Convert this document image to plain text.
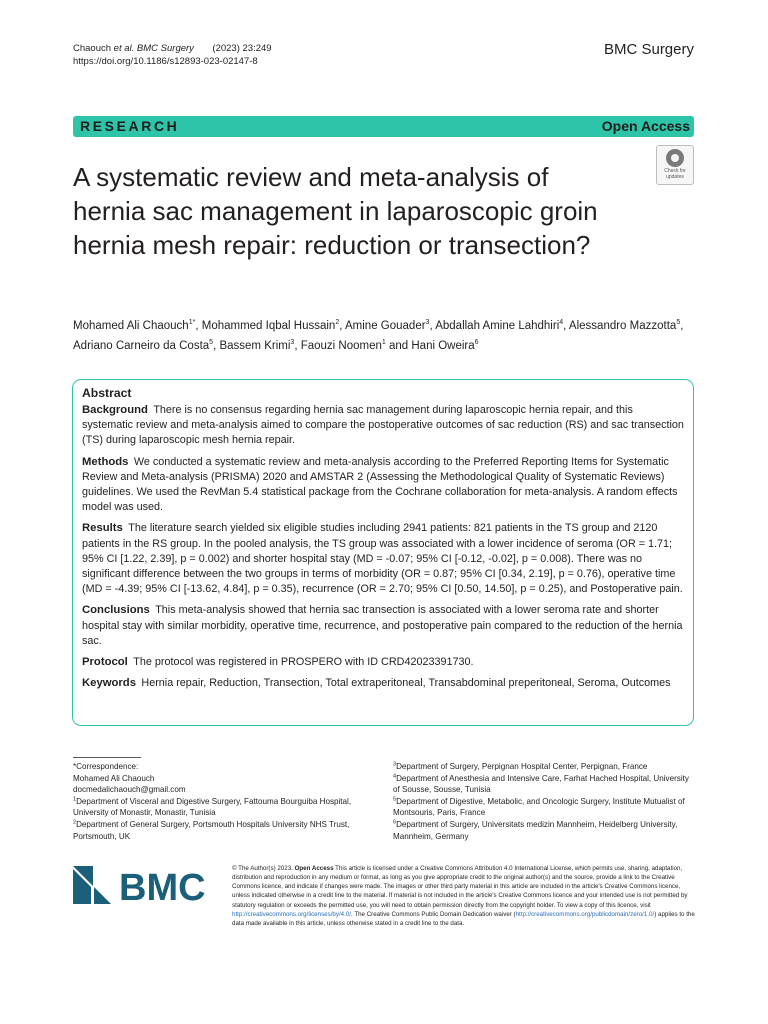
Chaouch et al. BMC Surgery (2023) 23:249
https://doi.org/10.1186/s12893-023-02147-8
BMC Surgery
RESEARCH	Open Access
Check for
updates
A systematic review and meta-analysis of hernia sac management in laparoscopic groin hernia mesh repair: reduction or transection?
Mohamed Ali Chaouch$^{1*}$, Mohammed Iqbal Hussain$^2$, Amine Gouader$^3$, Abdallah Amine Lahdhiri$^4$, Alessandro Mazzotta$^5$, Adriano Carneiro da Costa$^5$, Bassem Krimi$^3$, Faouzi Noomen$^1$ and Hani Oweira$^6$
Abstract

Background  There is no consensus regarding hernia sac management during laparoscopic hernia repair, and this systematic review and meta-analysis aimed to compare the postoperative outcomes of sac reduction (RS) and sac transection (TS) during laparoscopic mesh hernia repair.

Methods  We conducted a systematic review and meta-analysis according to the Preferred Reporting Items for Systematic Review and Meta-analysis (PRISMA) 2020 and AMSTAR 2 (Assessing the Methodological Quality of Systematic Reviews) guidelines. We used the RevMan 5.4 statistical package from the Cochrane collaboration for meta-analysis. A random effects model was used.

Results  The literature search yielded six eligible studies including 2941 patients: 821 patients in the TS group and 2120 patients in the RS group. In the pooled analysis, the TS group was associated with a lower incidence of seroma (OR = 1.71; 95% CI [1.22, 2.39], p = 0.002) and shorter hospital stay (MD = -0.07; 95% CI [-0.12, -0.02], p = 0.008). There was no significant difference between the two groups in terms of morbidity (OR = 0.87; 95% CI [0.34, 2.19], p = 0.76), operative time (MD = -4.39; 95% CI [-13.62, 4.84], p = 0.35), recurrence (OR = 2.70; 95% CI [0.50, 14.50], p = 0.25), and Postoperative pain.

Conclusions  This meta-analysis showed that hernia sac transection is associated with a lower seroma rate and shorter hospital stay with similar morbidity, operative time, recurrence, and postoperative pain compared to the reduction of the hernia sac.

Protocol  The protocol was registered in PROSPERO with ID CRD42023391730.

Keywords  Hernia repair, Reduction, Transection, Total extraperitoneal, Transabdominal preperitoneal, Seroma, Outcomes

*Correspondence:
Mohamed Ali Chaouch
docmedalichaouch@gmail.com
$^1$Department of Visceral and Digestive Surgery, Fattouma Bourguiba Hospital, University of Monastir, Monastir, Tunisia
$^2$Department of General Surgery, Portsmouth Hospitals University NHS Trust, Portsmouth, UK
$^3$Department of Surgery, Perpignan Hospital Center, Perpignan, France
$^4$Department of Anesthesia and Intensive Care, Farhat Hached Hospital, University of Sousse, Sousse, Tunisia
$^5$Department of Digestive, Metabolic, and Oncologic Surgery, Institute Mutualist of Montsouris, Paris, France
$^6$Department of Surgery, Universitats medizin Mannheim, Heidelberg University, Mannheim, Germany
BMC	© The Author(s) 2023. Open Access This article is licensed under a Creative Commons Attribution 4.0 International License, which permits use, sharing, adaptation, distribution and reproduction in any medium or format, as long as you give appropriate credit to the original author(s) and the source, provide a link to the Creative Commons licence, and indicate if changes were made. The images or other third party material in this article are included in the article's Creative Commons licence, unless indicated otherwise in a credit line to the material. If material is not included in the article's Creative Commons licence and your intended use is not permitted by statutory regulation or exceeds the permitted use, you will need to obtain permission directly from the copyright holder. To view a copy of this licence, visit http://creativecommons.org/licenses/by/4.0/. The Creative Commons Public Domain Dedication waiver (http://creativecommons.org/publicdomain/zero/1.0/) applies to the data made available in this article, unless otherwise stated in a credit line to the data.
